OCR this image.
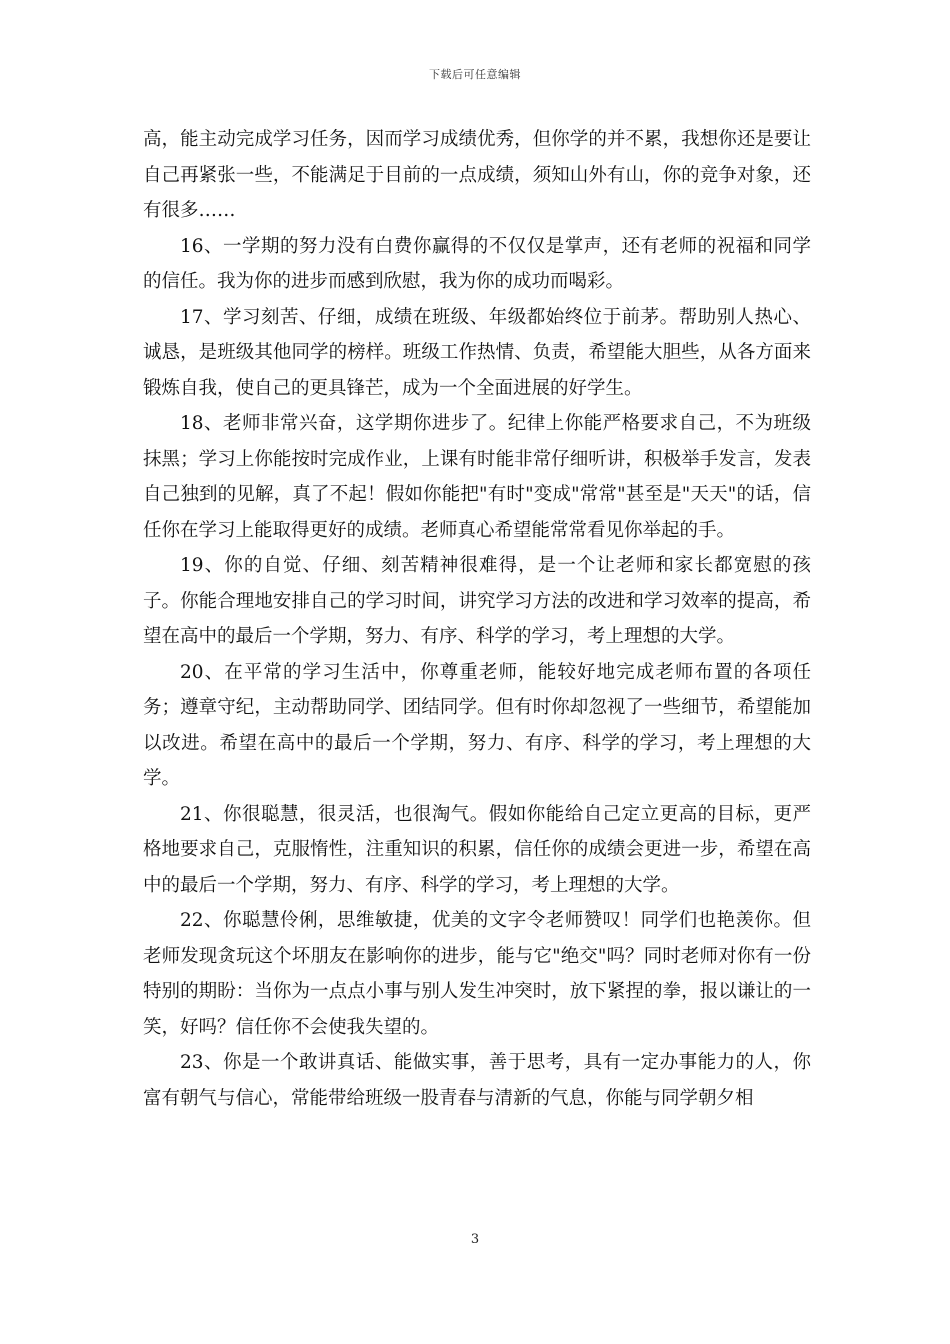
下载后可任意编辑

高，能主动完成学习任务，因而学习成绩优秀，但你学的并不累，我想你还是要让自己再紧张一些，不能满足于目前的一点成绩，须知山外有山，你的竞争对象，还有很多……

16、一学期的努力没有白费你赢得的不仅仅是掌声，还有老师的祝福和同学的信任。我为你的进步而感到欣慰，我为你的成功而喝彩。

17、学习刻苦、仔细，成绩在班级、年级都始终位于前茅。帮助别人热心、诚恳，是班级其他同学的榜样。班级工作热情、负责，希望能大胆些，从各方面来锻炼自我，使自己的更具锋芒，成为一个全面进展的好学生。

18、老师非常兴奋，这学期你进步了。纪律上你能严格要求自己，不为班级抹黑；学习上你能按时完成作业，上课有时能非常仔细听讲，积极举手发言，发表自己独到的见解，真了不起！假如你能把"有时"变成"常常"甚至是"天天"的话，信任你在学习上能取得更好的成绩。老师真心希望能常常看见你举起的手。

19、你的自觉、仔细、刻苦精神很难得，是一个让老师和家长都宽慰的孩子。你能合理地安排自己的学习时间，讲究学习方法的改进和学习效率的提高，希望在高中的最后一个学期，努力、有序、科学的学习，考上理想的大学。

20、在平常的学习生活中，你尊重老师，能较好地完成老师布置的各项任务；遵章守纪，主动帮助同学、团结同学。但有时你却忽视了一些细节，希望能加以改进。希望在高中的最后一个学期，努力、有序、科学的学习，考上理想的大学。

21、你很聪慧，很灵活，也很淘气。假如你能给自己定立更高的目标，更严格地要求自己，克服惰性，注重知识的积累，信任你的成绩会更进一步，希望在高中的最后一个学期，努力、有序、科学的学习，考上理想的大学。

22、你聪慧伶俐，思维敏捷，优美的文字令老师赞叹！同学们也艳羡你。但老师发现贪玩这个坏朋友在影响你的进步，能与它"绝交"吗？同时老师对你有一份特别的期盼：当你为一点点小事与别人发生冲突时，放下紧捏的拳，报以谦让的一笑，好吗？信任你不会使我失望的。

23、你是一个敢讲真话、能做实事，善于思考，具有一定办事能力的人，你富有朝气与信心，常能带给班级一股青春与清新的气息，你能与同学朝夕相

3
